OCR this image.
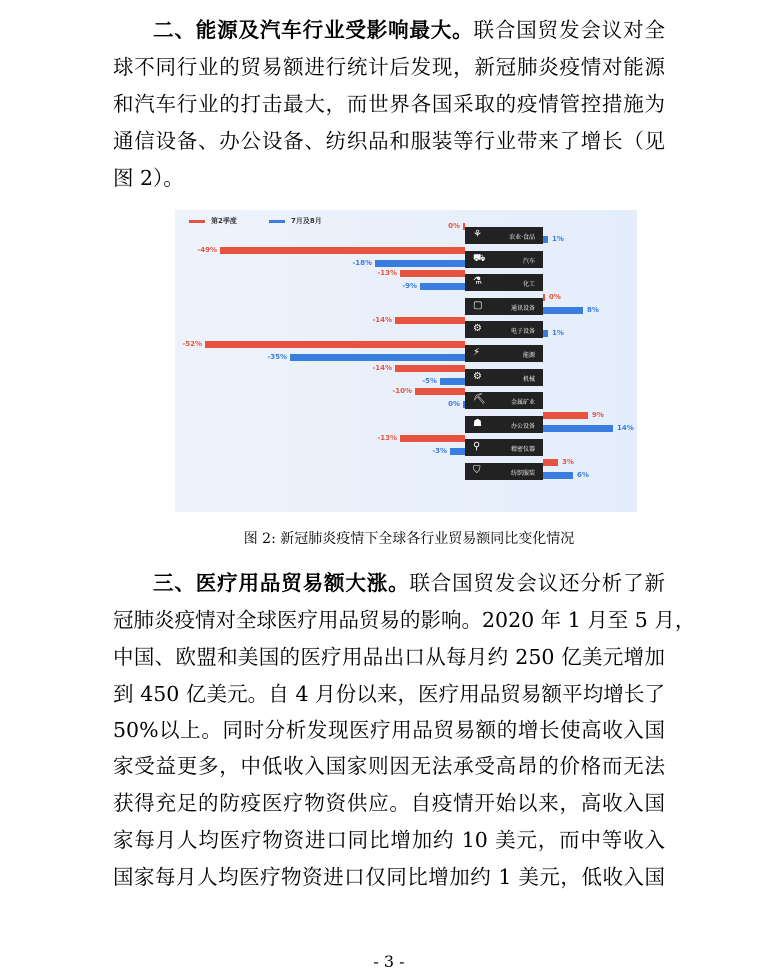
二、能源及汽车行业受影响最大。联合国贸发会议对全
球不同行业的贸易额进行统计后发现，新冠肺炎疫情对能源
和汽车行业的打击最大，而世界各国采取的疫情管控措施为
通信设备、办公设备、纺织品和服装等行业带来了增长（见
图 2）。
第2季度	7月及8月
⚘	农业·食品
0%
1%
⛟	汽车
-49%
-18%
⚗	化工
-13%
-9%
▢	通讯设备
0%
8%
⚙	电子设备
-14%
1%
⚡	能源
-52%
-35%
⚙	机械
-14%
-5%
⛏	金属矿业
-10%
0%
☗	办公设备
9%
14%
⚲	精密仪器
-13%
-3%
⛉	纺织服装
3%
6%
图 2: 新冠肺炎疫情下全球各行业贸易额同比变化情况
三、医疗用品贸易额大涨。联合国贸发会议还分析了新
冠肺炎疫情对全球医疗用品贸易的影响。2020 年 1 月至 5 月，
中国、欧盟和美国的医疗用品出口从每月约 250 亿美元增加
到 450 亿美元。自 4 月份以来，医疗用品贸易额平均增长了
50%以上。同时分析发现医疗用品贸易额的增长使高收入国
家受益更多，中低收入国家则因无法承受高昂的价格而无法
获得充足的防疫医疗物资供应。自疫情开始以来，高收入国
家每月人均医疗物资进口同比增加约 10 美元，而中等收入
国家每月人均医疗物资进口仅同比增加约 1 美元，低收入国
- 3 -
